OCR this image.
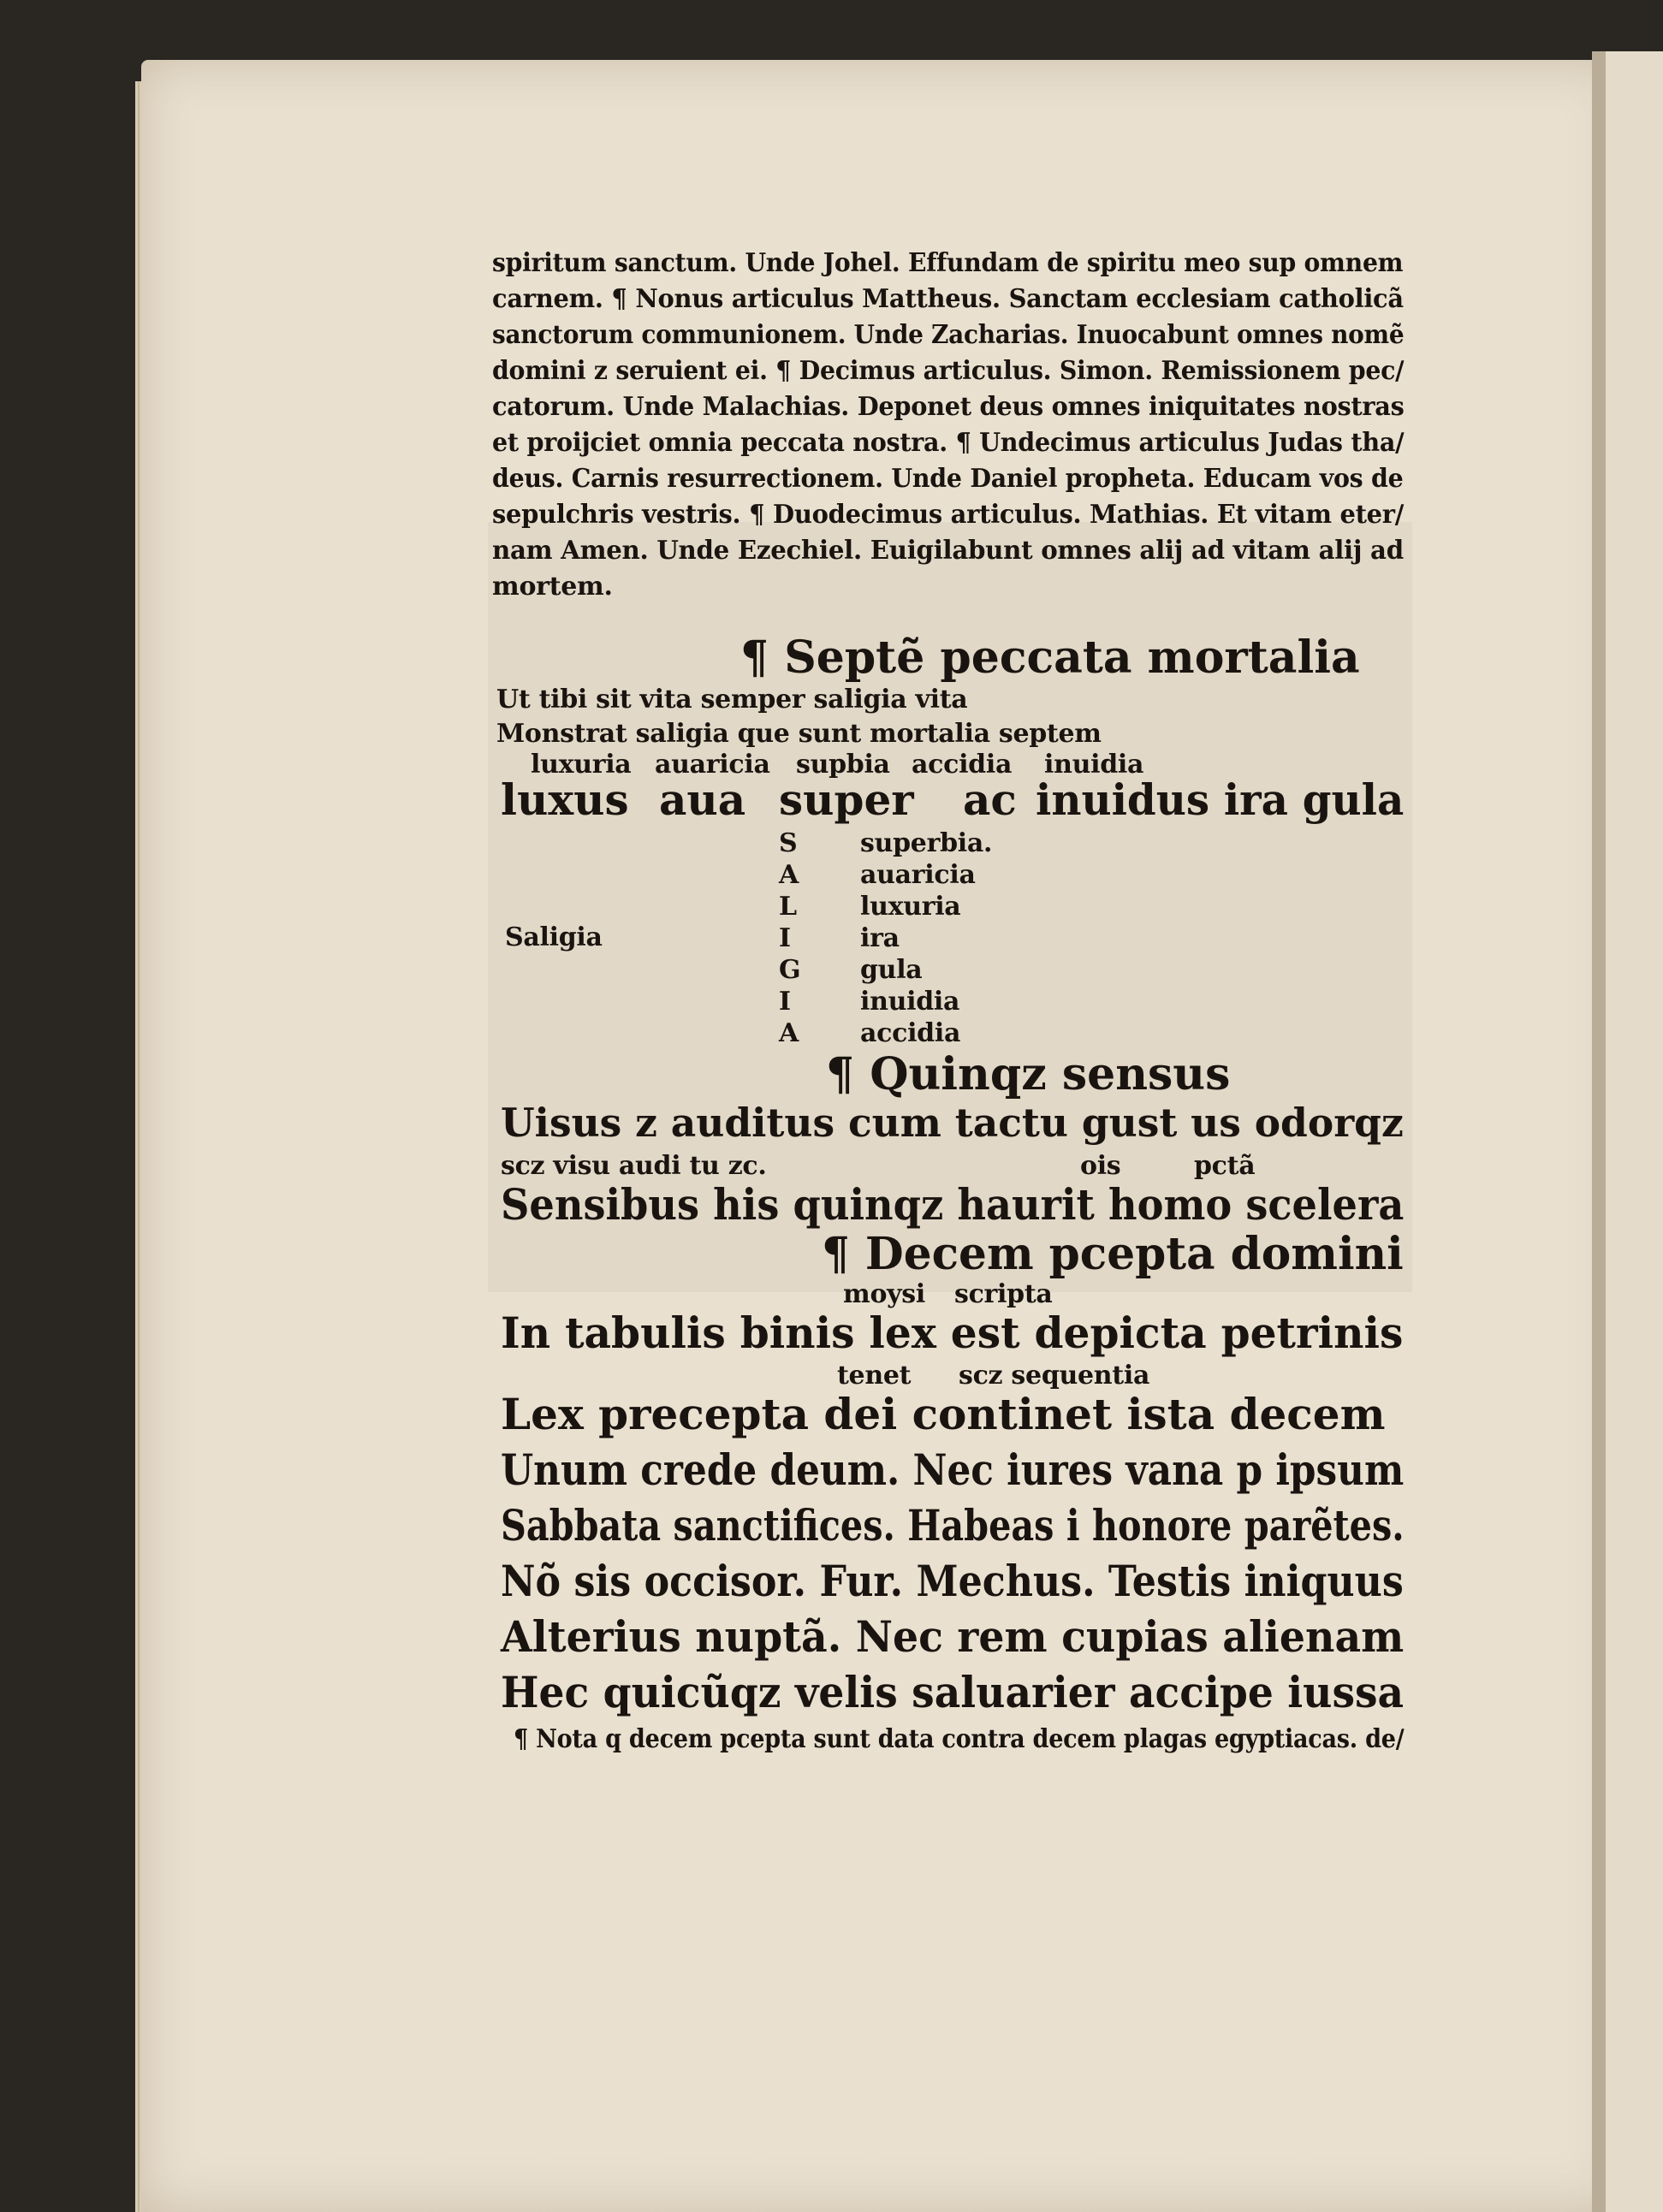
spiritum sanctum. Unde Johel. Effundam de spiritu meo sup omnem
carnem. ¶ Nonus articulus Mattheus. Sanctam ecclesiam catholicã
sanctorum communionem. Unde Zacharias. Inuocabunt omnes nomẽ
domini z seruient ei. ¶ Decimus articulus. Simon. Remissionem pec/
catorum. Unde Malachias. Deponet deus omnes iniquitates nostras
et proijciet omnia peccata nostra. ¶ Undecimus articulus Judas tha/
deus. Carnis resurrectionem. Unde Daniel propheta. Educam vos de
sepulchris vestris. ¶ Duodecimus articulus. Mathias. Et vitam eter/
nam Amen. Unde Ezechiel. Euigilabunt omnes alij ad vitam alij ad
mortem.
¶ Septẽ peccata mortalia
Ut tibi sit vita semper saligia vita
Monstrat saligia que sunt mortalia septem
luxuria auaricia supbia accidia inuidia
luxus aua super ac inuidus ira gula
Saligia
S
A
L
I
G
I
A
superbia.
auaricia
luxuria
ira
gula
inuidia
accidia
¶ Quinqz sensus
Uisus z auditus cum tactu gust us odorqz
scz visu audi tu zc.	ois	pctã
Sensibus his quinqz haurit homo scelera
¶ Decem pcepta domini
moysi scripta
In tabulis binis lex est depicta petrinis
tenet scz sequentia
Lex precepta dei continet ista decem
Unum crede deum. Nec iures vana p ipsum
Sabbata sanctifices. Habeas i honore parẽtes.
Nõ sis occisor. Fur. Mechus. Testis iniquus
Alterius nuptã. Nec rem cupias alienam
Hec quicũqz velis saluarier accipe iussa
¶ Nota q decem pcepta sunt data contra decem plagas egyptiacas. de/
